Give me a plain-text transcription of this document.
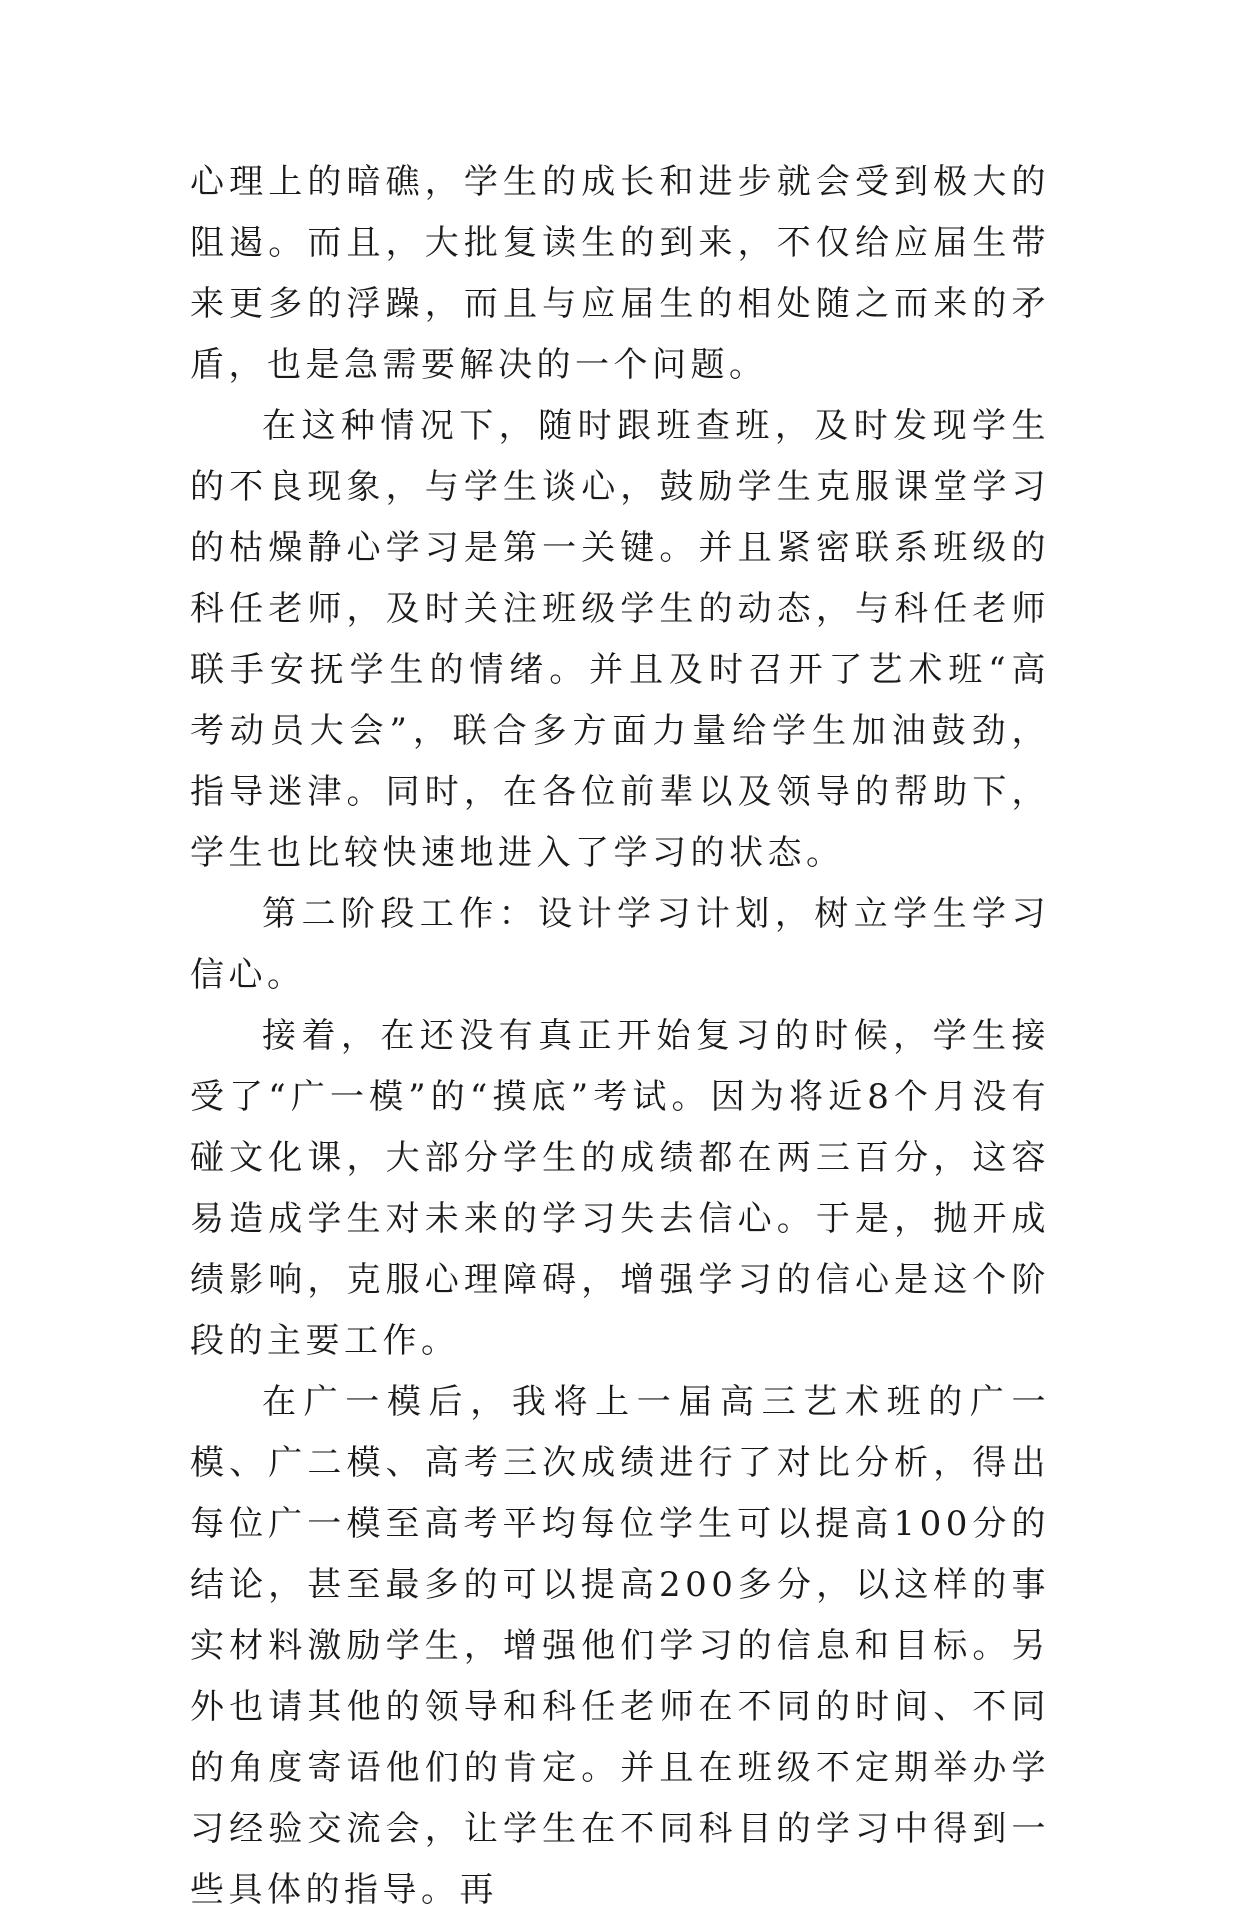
心理上的暗礁，学生的成长和进步就会受到极大的阻遏。而且，大批复读生的到来，不仅给应届生带来更多的浮躁，而且与应届生的相处随之而来的矛盾，也是急需要解决的一个问题。

在这种情况下，随时跟班查班，及时发现学生的不良现象，与学生谈心，鼓励学生克服课堂学习的枯燥静心学习是第一关键。并且紧密联系班级的科任老师，及时关注班级学生的动态，与科任老师联手安抚学生的情绪。并且及时召开了艺术班“高考动员大会”，联合多方面力量给学生加油鼓劲，指导迷津。同时，在各位前辈以及领导的帮助下，学生也比较快速地进入了学习的状态。

第二阶段工作：设计学习计划，树立学生学习信心。

接着，在还没有真正开始复习的时候，学生接受了“广一模”的“摸底”考试。因为将近8个月没有碰文化课，大部分学生的成绩都在两三百分，这容易造成学生对未来的学习失去信心。于是，抛开成绩影响，克服心理障碍，增强学习的信心是这个阶段的主要工作。

在广一模后，我将上一届高三艺术班的广一模、广二模、高考三次成绩进行了对比分析，得出每位广一模至高考平均每位学生可以提高100分的结论，甚至最多的可以提高200多分，以这样的事实材料激励学生，增强他们学习的信息和目标。另外也请其他的领导和科任老师在不同的时间、不同的角度寄语他们的肯定。并且在班级不定期举办学习经验交流会，让学生在不同科目的学习中得到一些具体的指导。再
